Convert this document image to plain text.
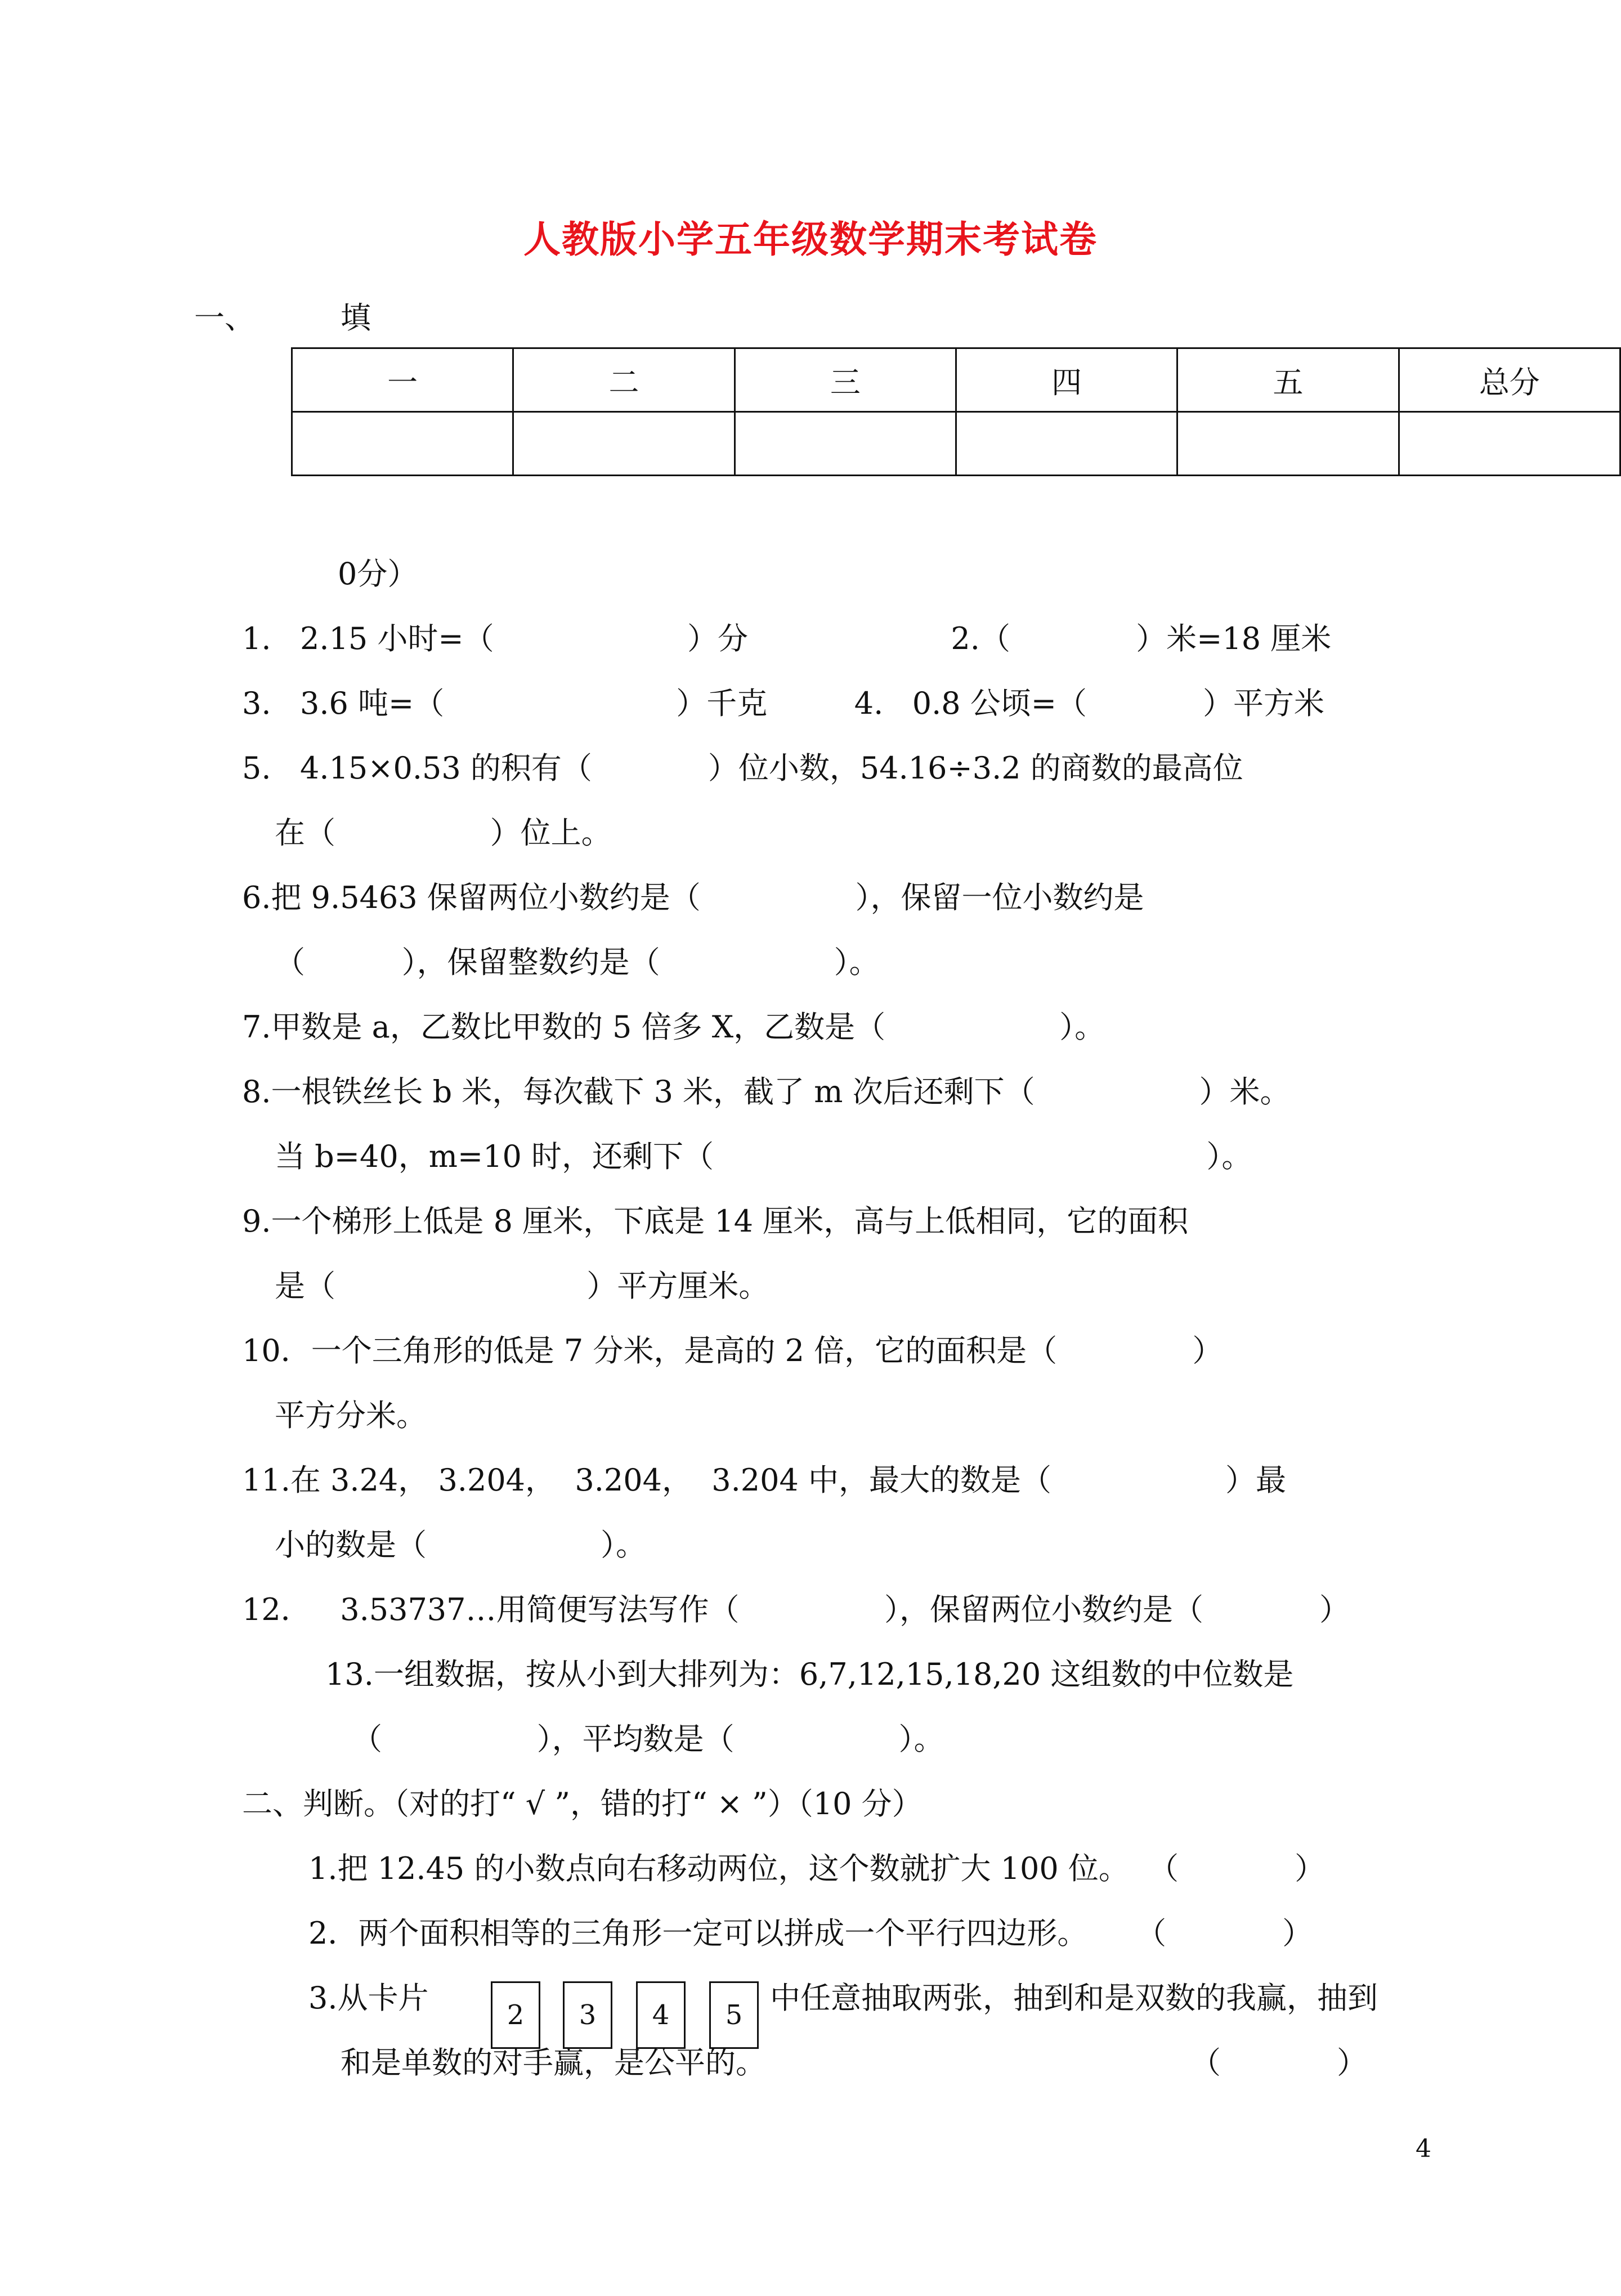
人教版小学五年级数学期末考试卷
一、	填
一	二	三	四	五	总分

0分）
1.   2.15 小时=（                    ）分                     2.（             ）米=18 厘米
3.   3.6 吨=（                        ）千克         4.   0.8 公顷=（            ）平方米
5.   4.15×0.53 的积有（            ）位小数，54.16÷3.2 的商数的最高位
在（                ）位上。
6.把 9.5463 保留两位小数约是（                ），保留一位小数约是
（          ），保留整数约是（                  ）。
7.甲数是 a，乙数比甲数的 5 倍多 X，乙数是（                  ）。
8.一根铁丝长 b 米，每次截下 3 米，截了 m 次后还剩下（                 ）米。
当 b=40，m=10 时，还剩下（                                                   ）。
9.一个梯形上低是 8 厘米，下底是 14 厘米，高与上低相同，它的面积
是（                          ）平方厘米。
10．一个三角形的低是 7 分米，是高的 2 倍，它的面积是（              ）
平方分米。
11.在 3.24， 3.204，  3.204，  3.204 中，最大的数是（                  ）最
小的数是（                  ）。
12．   3.53737…用简便写法写作（               ），保留两位小数约是（            ）
13.一组数据，按从小到大排列为：6,7,12,15,18,20 这组数的中位数是
（                ），平均数是（                 ）。
二、判断。（对的打“ √ ”，错的打“ × ”）（10 分）
1.把 12.45 的小数点向右移动两位，这个数就扩大 100 位。  （            ）
2．两个面积相等的三角形一定可以拼成一个平行四边形。     （            ）
3.从卡片	2	3	4	5 中任意抽取两张，抽到和是双数的我赢，抽到
和是单数的对手赢，是公平的。	（            ）
4
